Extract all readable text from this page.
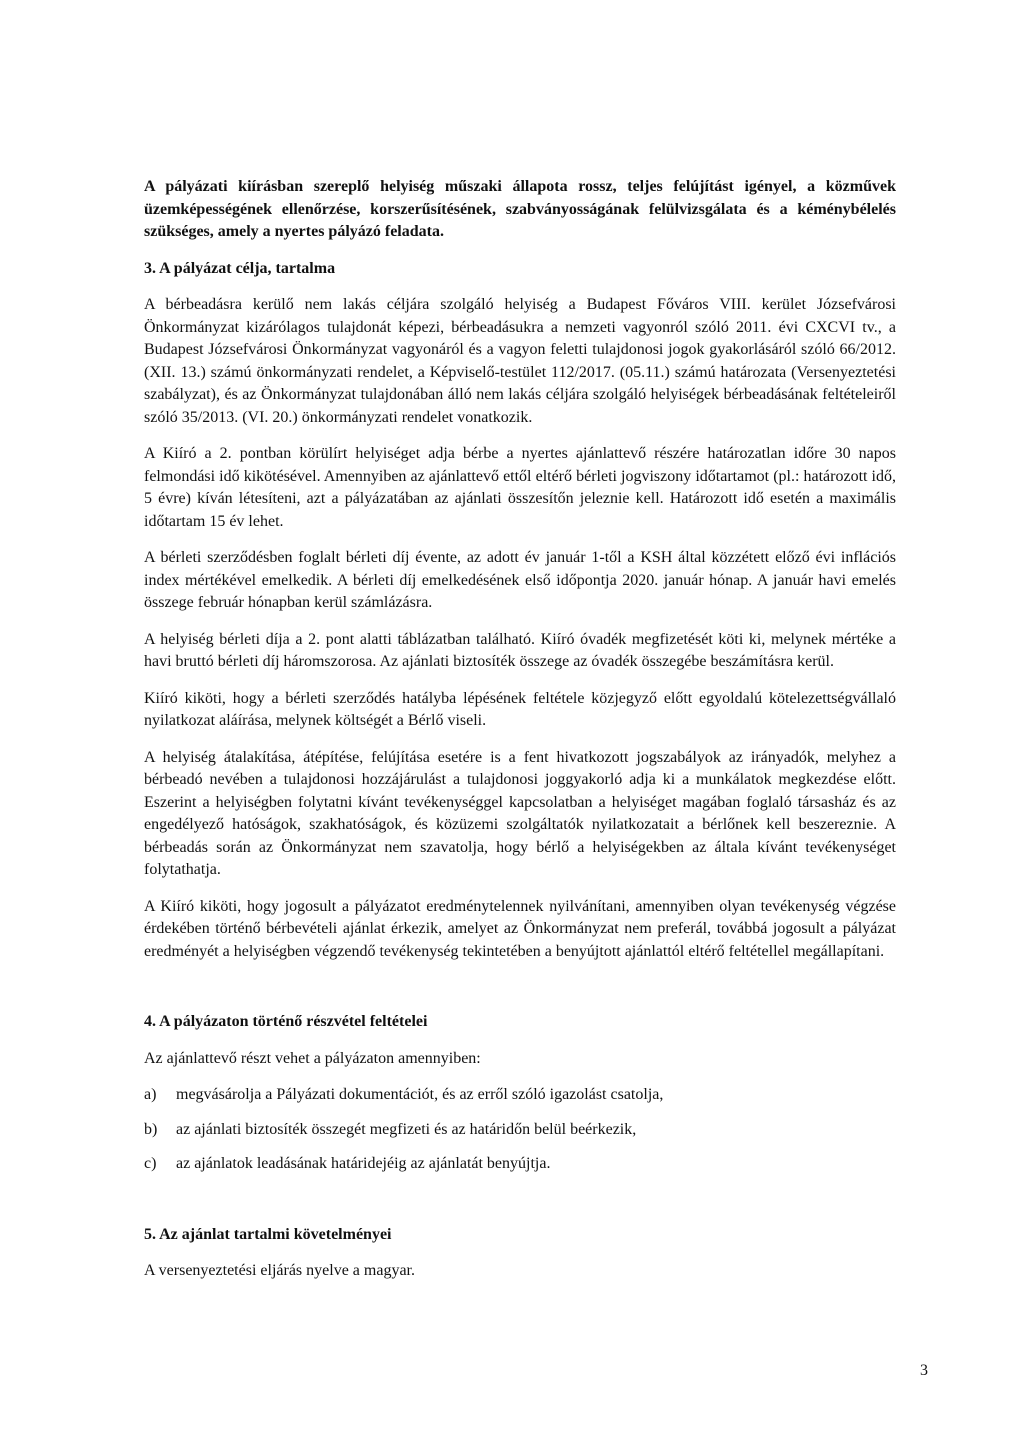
A pályázati kiírásban szereplő helyiség műszaki állapota rossz, teljes felújítást igényel, a közművek üzemképességének ellenőrzése, korszerűsítésének, szabványosságának felülvizsgálata és a kéménybélelés szükséges, amely a nyertes pályázó feladata.

3. A pályázat célja, tartalma

A bérbeadásra kerülő nem lakás céljára szolgáló helyiség a Budapest Főváros VIII. kerület Józsefvárosi Önkormányzat kizárólagos tulajdonát képezi, bérbeadásukra a nemzeti vagyonról szóló 2011. évi CXCVI tv., a Budapest Józsefvárosi Önkormányzat vagyonáról és a vagyon feletti tulajdonosi jogok gyakorlásáról szóló 66/2012. (XII. 13.) számú önkormányzati rendelet, a Képviselő-testület 112/2017. (05.11.) számú határozata (Versenyeztetési szabályzat), és az Önkormányzat tulajdonában álló nem lakás céljára szolgáló helyiségek bérbeadásának feltételeiről szóló 35/2013. (VI. 20.) önkormányzati rendelet vonatkozik.

A Kiíró a 2. pontban körülírt helyiséget adja bérbe a nyertes ajánlattevő részére határozatlan időre 30 napos felmondási idő kikötésével. Amennyiben az ajánlattevő ettől eltérő bérleti jogviszony időtartamot (pl.: határozott idő, 5 évre) kíván létesíteni, azt a pályázatában az ajánlati összesítőn jeleznie kell. Határozott idő esetén a maximális időtartam 15 év lehet.

A bérleti szerződésben foglalt bérleti díj évente, az adott év január 1-től a KSH által közzétett előző évi inflációs index mértékével emelkedik. A bérleti díj emelkedésének első időpontja 2020. január hónap. A január havi emelés összege február hónapban kerül számlázásra.

A helyiség bérleti díja a 2. pont alatti táblázatban található. Kiíró óvadék megfizetését köti ki, melynek mértéke a havi bruttó bérleti díj háromszorosa. Az ajánlati biztosíték összege az óvadék összegébe beszámításra kerül.

Kiíró kiköti, hogy a bérleti szerződés hatályba lépésének feltétele közjegyző előtt egyoldalú kötelezettségvállaló nyilatkozat aláírása, melynek költségét a Bérlő viseli.

A helyiség átalakítása, átépítése, felújítása esetére is a fent hivatkozott jogszabályok az irányadók, melyhez a bérbeadó nevében a tulajdonosi hozzájárulást a tulajdonosi joggyakorló adja ki a munkálatok megkezdése előtt. Eszerint a helyiségben folytatni kívánt tevékenységgel kapcsolatban a helyiséget magában foglaló társasház és az engedélyező hatóságok, szakhatóságok, és közüzemi szolgáltatók nyilatkozatait a bérlőnek kell beszereznie. A bérbeadás során az Önkormányzat nem szavatolja, hogy bérlő a helyiségekben az általa kívánt tevékenységet folytathatja.

A Kiíró kiköti, hogy jogosult a pályázatot eredménytelennek nyilvánítani, amennyiben olyan tevékenység végzése érdekében történő bérbevételi ajánlat érkezik, amelyet az Önkormányzat nem preferál, továbbá jogosult a pályázat eredményét a helyiségben végzendő tevékenység tekintetében a benyújtott ajánlattól eltérő feltétellel megállapítani.

4. A pályázaton történő részvétel feltételei

Az ajánlattevő részt vehet a pályázaton amennyiben:

a)	megvásárolja a Pályázati dokumentációt, és az erről szóló igazolást csatolja,
b)	az ajánlati biztosíték összegét megfizeti és az határidőn belül beérkezik,
c)	az ajánlatok leadásának határidejéig az ajánlatát benyújtja.
5. Az ajánlat tartalmi követelményei

A versenyeztetési eljárás nyelve a magyar.

3
